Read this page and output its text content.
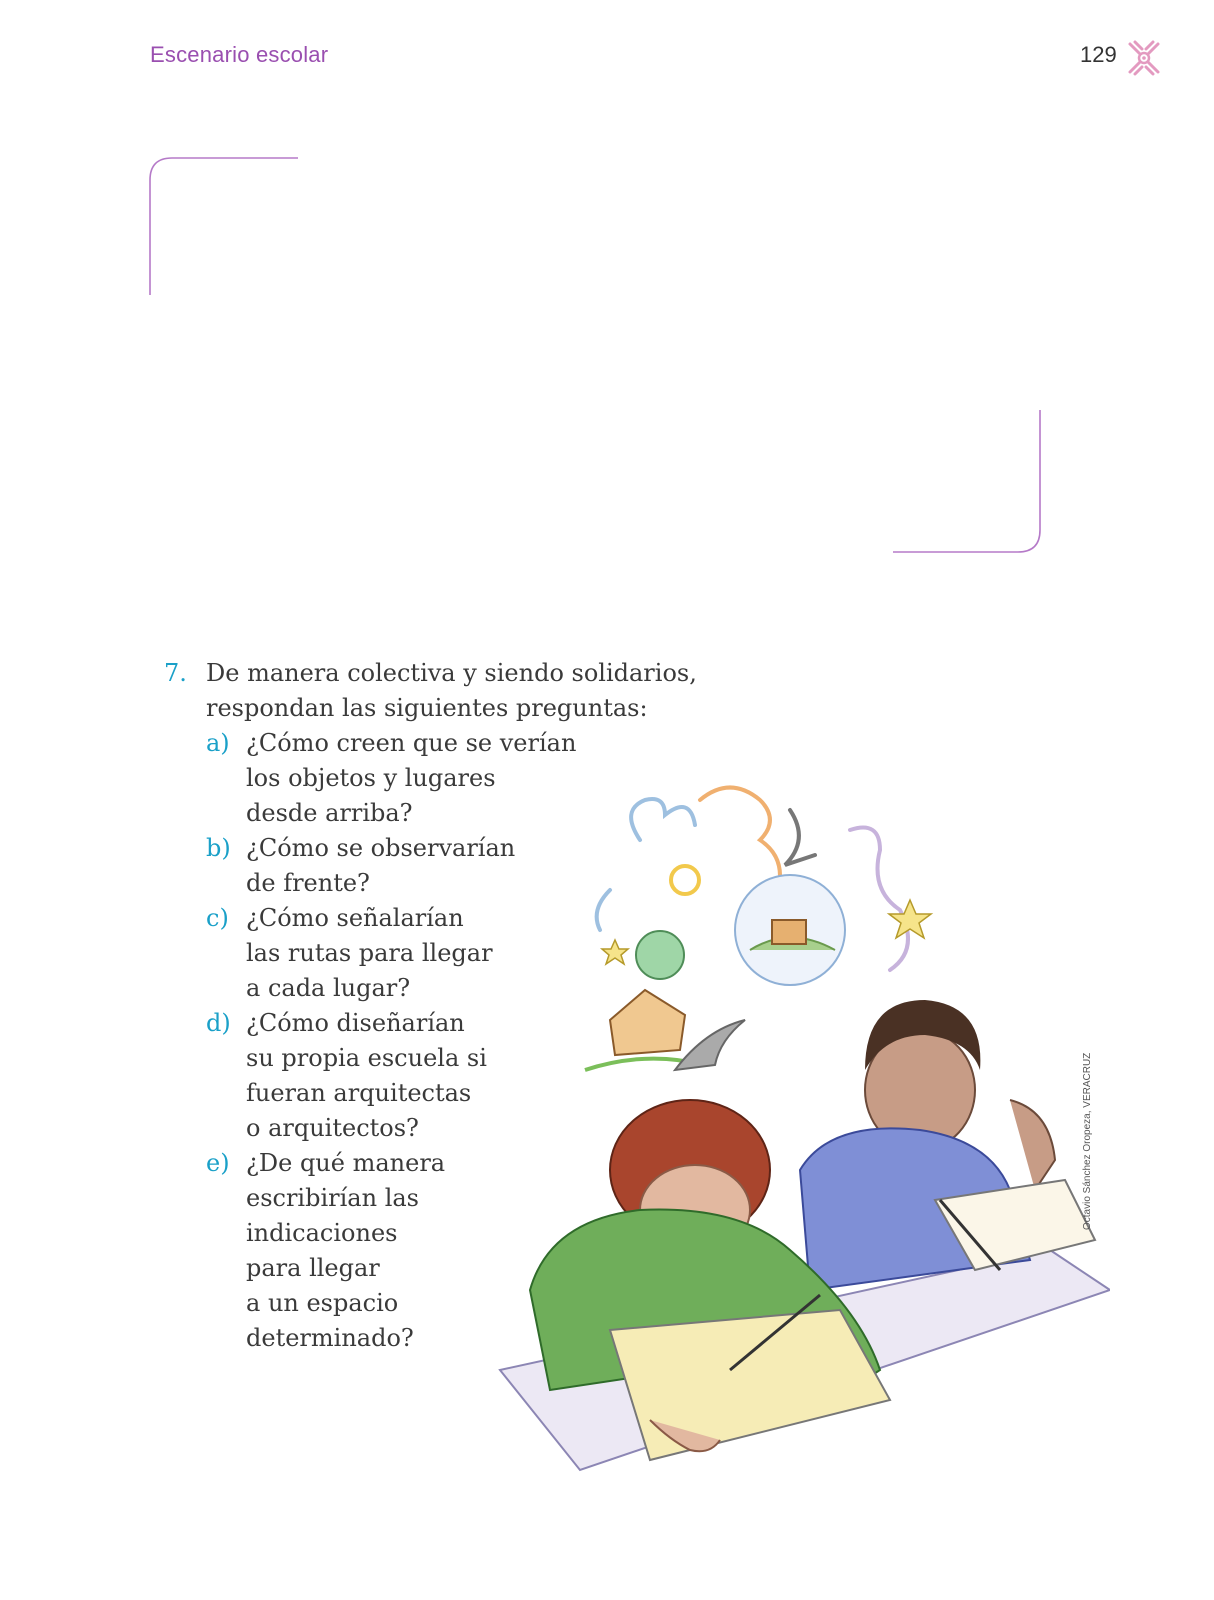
Escenario escolar	129
7. De manera colectiva y siendo solidarios,
respondan las siguientes preguntas:
a) ¿Cómo creen que se verían
los objetos y lugares
desde arriba?
b) ¿Cómo se observarían
de frente?
c) ¿Cómo señalarían
las rutas para llegar
a cada lugar?
d) ¿Cómo diseñarían
su propia escuela si
fueran arquitectas
o arquitectos?
e) ¿De qué manera
escribirían las
indicaciones
para llegar
a un espacio
determinado?
Octavio Sánchez Oropeza, VERACRUZ
